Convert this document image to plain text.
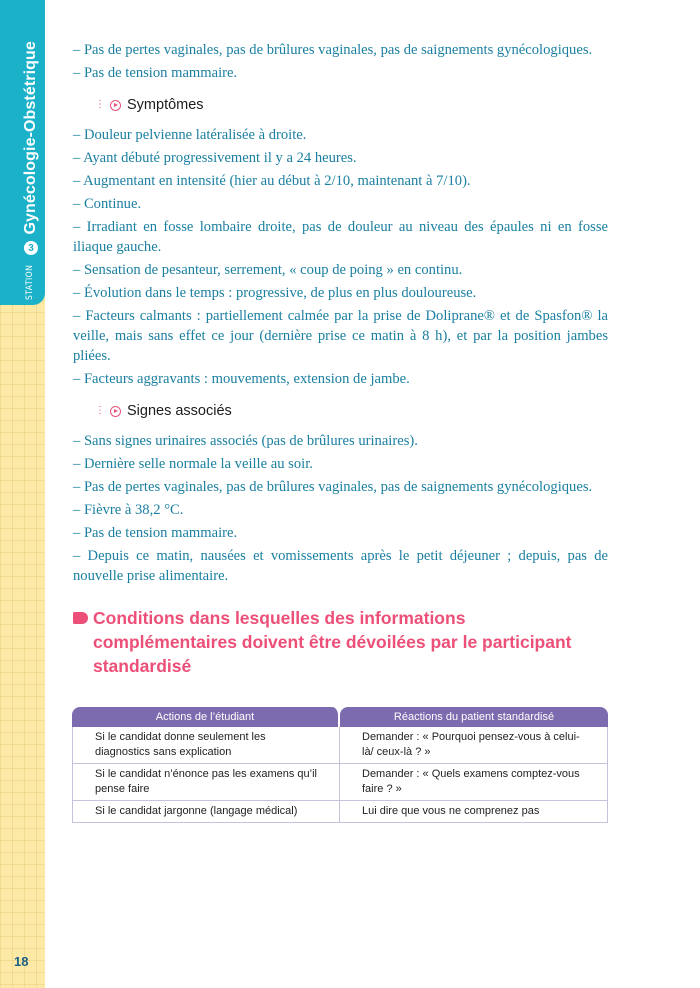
STATION
3
Gynécologie-Obstétrique
18

– Pas de pertes vaginales, pas de brûlures vaginales, pas de saignements gynécologiques.

– Pas de tension mammaire.

⋮ Symptômes

– Douleur pelvienne latéralisée à droite.

– Ayant débuté progressivement il y a 24 heures.

– Augmentant en intensité (hier au début à 2/10, maintenant à 7/10).

– Continue.

– Irradiant en fosse lombaire droite, pas de douleur au niveau des épaules ni en fosse iliaque gauche.

– Sensation de pesanteur, serrement, « coup de poing » en continu.

– Évolution dans le temps : progressive, de plus en plus douloureuse.

– Facteurs calmants : partiellement calmée par la prise de Doliprane® et de Spasfon® la veille, mais sans effet ce jour (dernière prise ce matin à 8 h), et par la position jambes pliées.

– Facteurs aggravants : mouvements, extension de jambe.

⋮ Signes associés

– Sans signes urinaires associés (pas de brûlures urinaires).

– Dernière selle normale la veille au soir.

– Pas de pertes vaginales, pas de brûlures vaginales, pas de saignements gynécologiques.

– Fièvre à 38,2 °C.

– Pas de tension mammaire.

– Depuis ce matin, nausées et vomissements après le petit déjeuner ; depuis, pas de nouvelle prise alimentaire.

Conditions dans lesquelles des informations complémentaires doivent être dévoilées par le participant standardisé
Actions de l’étudiant	Réactions du patient standardisé
Si le candidat donne seulement les diagnostics sans explication	Demander : « Pourquoi pensez-vous à celui-là/ ceux-là ? »
Si le candidat n’énonce pas les examens qu’il pense faire	Demander : « Quels examens comptez-vous faire ? »
Si le candidat jargonne (langage médical)	Lui dire que vous ne comprenez pas
